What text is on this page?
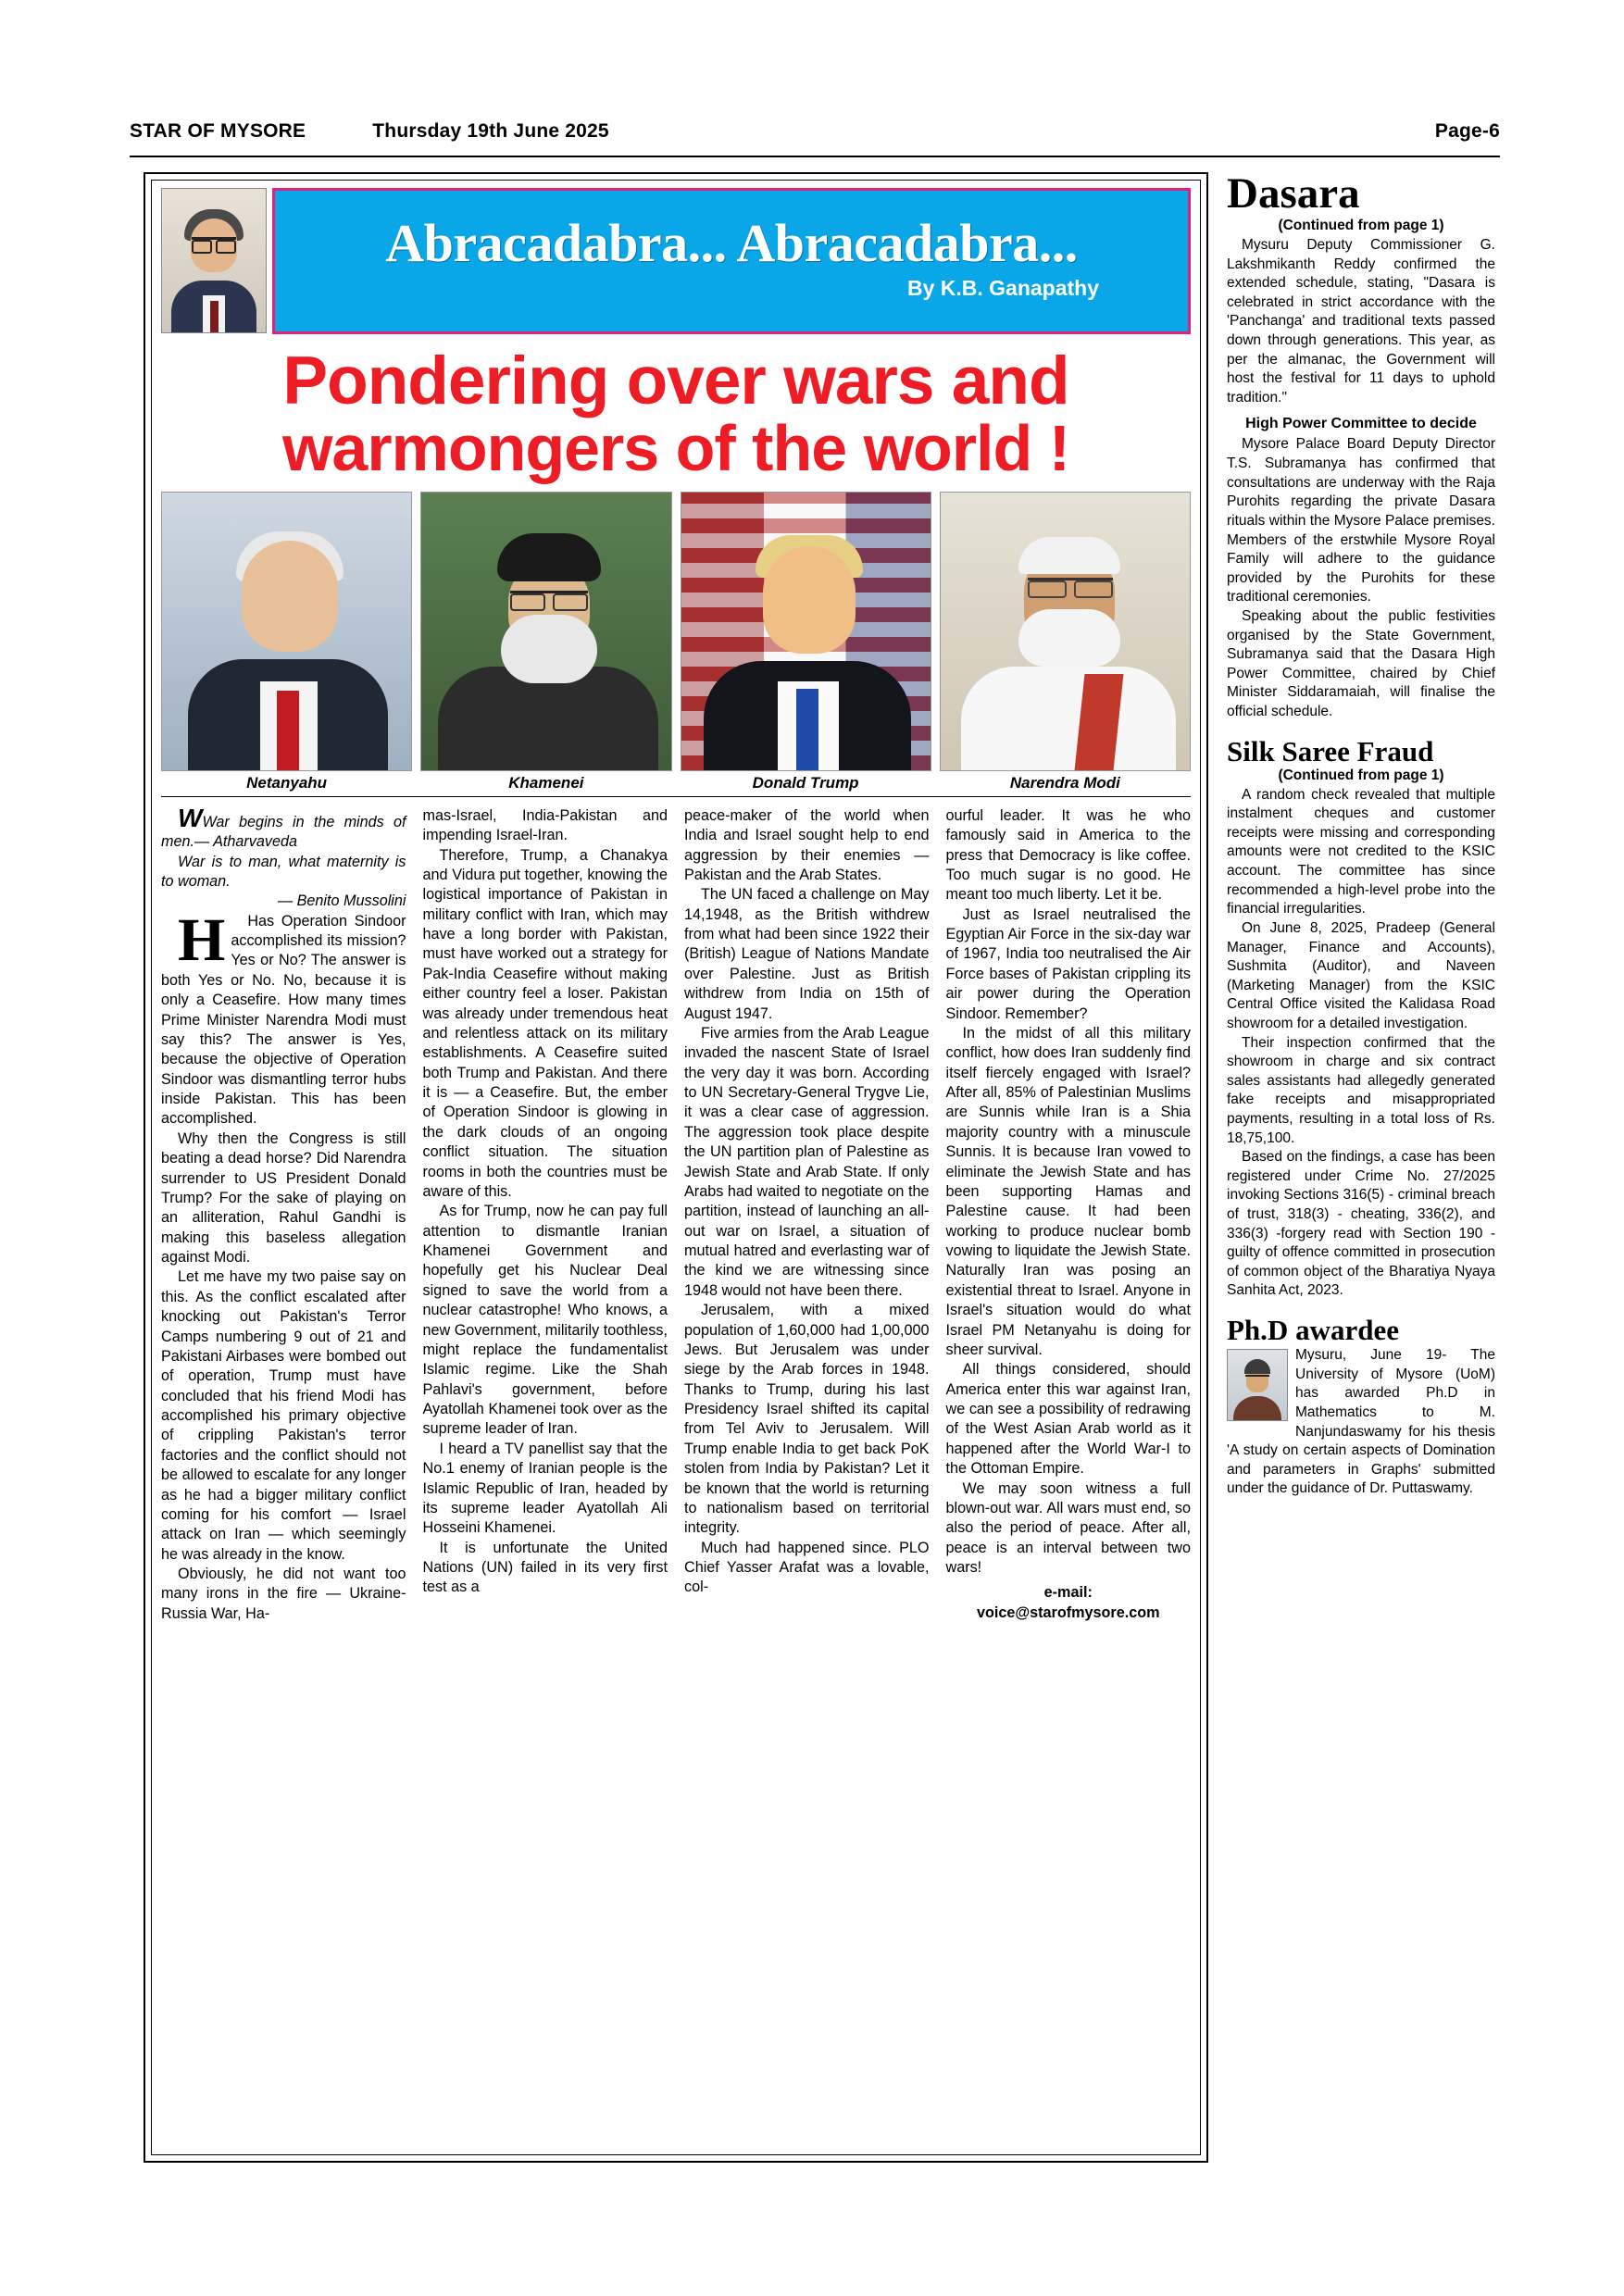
STAR OF MYSORE	Thursday 19th June 2025	Page-6
Abracadabra... Abracadabra...
By K.B. Ganapathy
Pondering over wars and
warmongers of the world !
Netanyahu	Khamenei	Donald Trump	Narendra Modi

WWar begins in the minds of men.— Atharvaveda

War is to man, what maternity is to woman.

— Benito Mussolini

H	Has Operation Sindoor accomplished its mission? Yes or No? The answer is both Yes or No. No, because it is only a Ceasefire. How many times Prime Minister Narendra Modi must say this? The answer is Yes, because the objective of Operation Sindoor was dismantling terror hubs inside Pakistan. This has been accomplished.

Why then the Congress is still beating a dead horse? Did Narendra surrender to US President Donald Trump? For the sake of playing on an alliteration, Rahul Gandhi is making this baseless allegation against Modi.

Let me have my two paise say on this. As the conflict escalated after knocking out Pakistan's Terror Camps numbering 9 out of 21 and Pakistani Airbases were bombed out of operation, Trump must have concluded that his friend Modi has accomplished his primary objective of crippling Pakistan's terror factories and the conflict should not be allowed to escalate for any longer as he had a bigger military conflict coming for his comfort — Israel attack on Iran — which seemingly he was already in the know.

Obviously, he did not want too many irons in the fire — Ukraine-Russia War, Ha-

mas-Israel, India-Pakistan and impending Israel-Iran.

Therefore, Trump, a Chanakya and Vidura put together, knowing the logistical importance of Pakistan in military conflict with Iran, which may have a long border with Pakistan, must have worked out a strategy for Pak-India Ceasefire without making either country feel a loser. Pakistan was already under tremendous heat and relentless attack on its military establishments. A Ceasefire suited both Trump and Pakistan. And there it is — a Ceasefire. But, the ember of Operation Sindoor is glowing in the dark clouds of an ongoing conflict situation. The situation rooms in both the countries must be aware of this.

As for Trump, now he can pay full attention to dismantle Iranian Khamenei Government and hopefully get his Nuclear Deal signed to save the world from a nuclear catastrophe! Who knows, a new Government, militarily toothless, might replace the fundamentalist Islamic regime. Like the Shah Pahlavi's government, before Ayatollah Khamenei took over as the supreme leader of Iran.

I heard a TV panellist say that the No.1 enemy of Iranian people is the Islamic Republic of Iran, headed by its supreme leader Ayatollah Ali Hosseini Khamenei.

It is unfortunate the United Nations (UN) failed in its very first test as a

peace-maker of the world when India and Israel sought help to end aggression by their enemies — Pakistan and the Arab States.

The UN faced a challenge on May 14,1948, as the British withdrew from what had been since 1922 their (British) League of Nations Mandate over Palestine. Just as British withdrew from India on 15th of August 1947.

Five armies from the Arab League invaded the nascent State of Israel the very day it was born. According to UN Secretary-General Trygve Lie, it was a clear case of aggression. The aggression took place despite the UN partition plan of Palestine as Jewish State and Arab State. If only Arabs had waited to negotiate on the partition, instead of launching an all-out war on Israel, a situation of mutual hatred and everlasting war of the kind we are witnessing since 1948 would not have been there.

Jerusalem, with a mixed population of 1,60,000 had 1,00,000 Jews. But Jerusalem was under siege by the Arab forces in 1948. Thanks to Trump, during his last Presidency Israel shifted its capital from Tel Aviv to Jerusalem. Will Trump enable India to get back PoK stolen from India by Pakistan? Let it be known that the world is returning to nationalism based on territorial integrity.

Much had happened since. PLO Chief Yasser Arafat was a lovable, col-

ourful leader. It was he who famously said in America to the press that Democracy is like coffee. Too much sugar is no good. He meant too much liberty. Let it be.

Just as Israel neutralised the Egyptian Air Force in the six-day war of 1967, India too neutralised the Air Force bases of Pakistan crippling its air power during the Operation Sindoor. Remember?

In the midst of all this military conflict, how does Iran suddenly find itself fiercely engaged with Israel? After all, 85% of Palestinian Muslims are Sunnis while Iran is a Shia majority country with a minuscule Sunnis. It is because Iran vowed to eliminate the Jewish State and has been supporting Hamas and Palestine cause. It had been working to produce nuclear bomb vowing to liquidate the Jewish State. Naturally Iran was posing an existential threat to Israel. Anyone in Israel's situation would do what Israel PM Netanyahu is doing for sheer survival.

All things considered, should America enter this war against Iran, we can see a possibility of redrawing of the West Asian Arab world as it happened after the World War-I to the Ottoman Empire.

We may soon witness a full blown-out war. All wars must end, so also the period of peace. After all, peace is an interval between two wars!

e-mail:
voice@starofmysore.com
Dasara
(Continued from page 1)

Mysuru Deputy Commissioner G. Lakshmikanth Reddy confirmed the extended schedule, stating, "Dasara is celebrated in strict accordance with the 'Panchanga' and traditional texts passed down through generations. This year, as per the almanac, the Government will host the festival for 11 days to uphold tradition."

High Power Committee to decide

Mysore Palace Board Deputy Director T.S. Subramanya has confirmed that consultations are underway with the Raja Purohits regarding the private Dasara rituals within the Mysore Palace premises. Members of the erstwhile Mysore Royal Family will adhere to the guidance provided by the Purohits for these traditional ceremonies.

Speaking about the public festivities organised by the State Government, Subramanya said that the Dasara High Power Committee, chaired by Chief Minister Siddaramaiah, will finalise the official schedule.

Silk Saree Fraud
(Continued from page 1)

A random check revealed that multiple instalment cheques and customer receipts were missing and corresponding amounts were not credited to the KSIC account. The committee has since recommended a high-level probe into the financial irregularities.

On June 8, 2025, Pradeep (General Manager, Finance and Accounts), Sushmita (Auditor), and Naveen (Marketing Manager) from the KSIC Central Office visited the Kalidasa Road showroom for a detailed investigation.

Their inspection confirmed that the showroom in charge and six contract sales assistants had allegedly generated fake receipts and misappropriated payments, resulting in a total loss of Rs. 18,75,100.

Based on the findings, a case has been registered under Crime No. 27/2025 invoking Sections 316(5) - criminal breach of trust, 318(3) - cheating, 336(2), and 336(3) -forgery read with Section 190 - guilty of offence committed in prosecution of common object of the Bharatiya Nyaya Sanhita Act, 2023.

Ph.D awardee

Mysuru, June 19- The University of Mysore (UoM) has awarded Ph.D in Mathematics to M. Nanjundaswamy for his thesis 'A study on certain aspects of Domination and parameters in Graphs' submitted under the guidance of Dr. Puttaswamy.
